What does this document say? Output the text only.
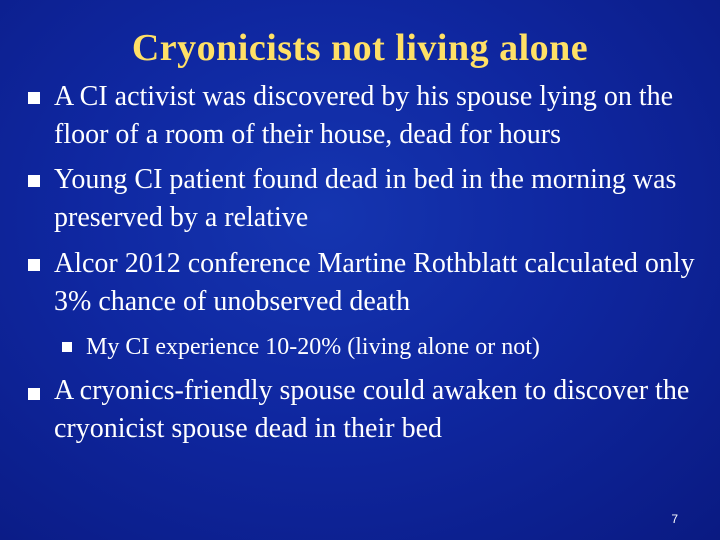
Cryonicists not living alone
A CI activist was discovered by his spouse lying on the floor of a room of their house, dead for hours
Young CI patient found dead in bed in the morning was preserved by a relative
Alcor 2012 conference Martine Rothblatt calculated only 3% chance of unobserved death
My CI experience 10-20% (living alone or not)
A cryonics-friendly spouse could awaken to discover the cryonicist spouse dead in their bed
7
